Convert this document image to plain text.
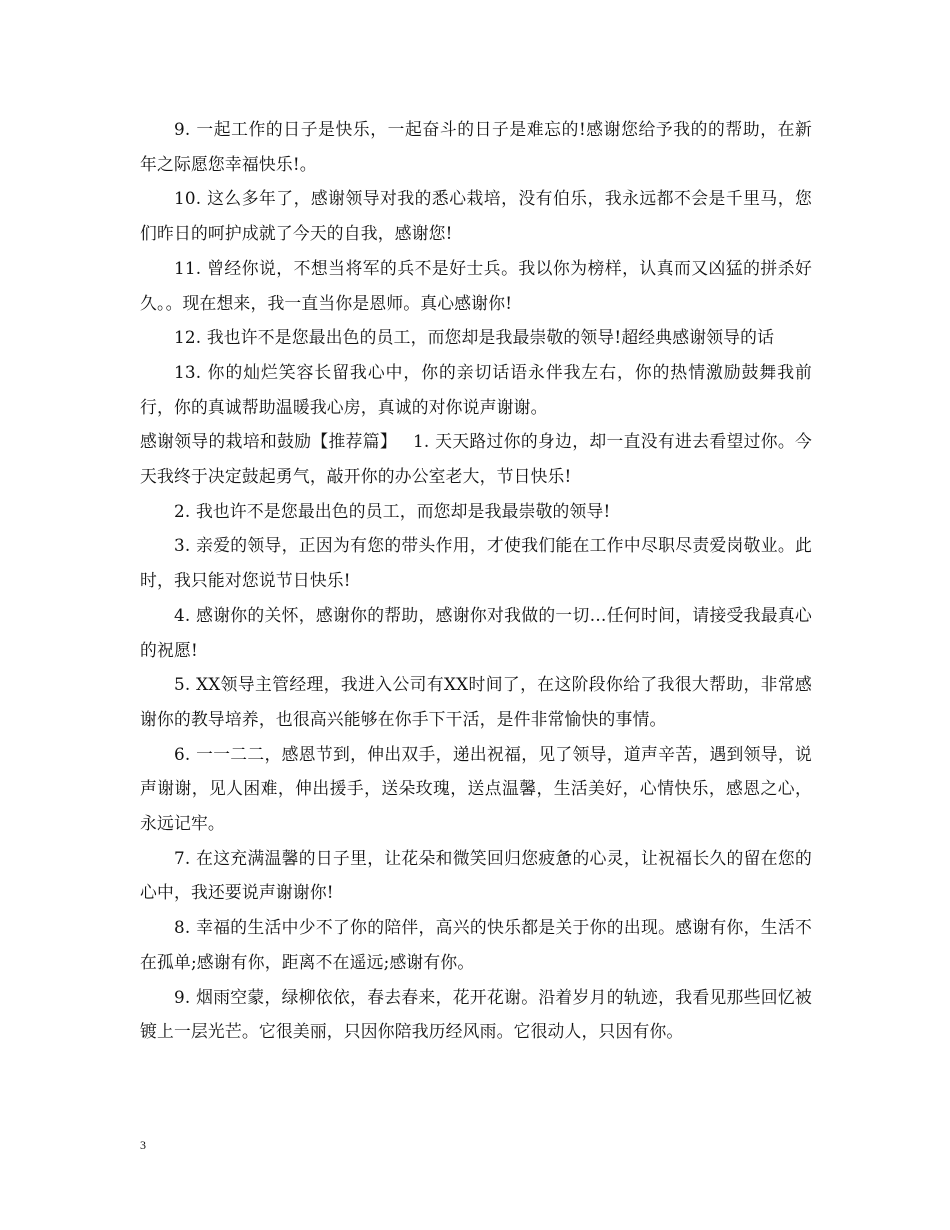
9. 一起工作的日子是快乐，一起奋斗的日子是难忘的!感谢您给予我的的帮助，在新年之际愿您幸福快乐!。

10. 这么多年了，感谢领导对我的悉心栽培，没有伯乐，我永远都不会是千里马，您们昨日的呵护成就了今天的自我，感谢您!

11. 曾经你说，不想当将军的兵不是好士兵。我以你为榜样，认真而又凶猛的拼杀好久。。现在想来，我一直当你是恩师。真心感谢你!

12. 我也许不是您最出色的员工，而您却是我最崇敬的领导!超经典感谢领导的话

13. 你的灿烂笑容长留我心中，你的亲切话语永伴我左右，你的热情激励鼓舞我前行，你的真诚帮助温暖我心房，真诚的对你说声谢谢。

感谢领导的栽培和鼓励【推荐篇】 1. 天天路过你的身边，却一直没有进去看望过你。今天我终于决定鼓起勇气，敲开你的办公室老大，节日快乐!

2. 我也许不是您最出色的员工，而您却是我最崇敬的领导!

3. 亲爱的领导，正因为有您的带头作用，才使我们能在工作中尽职尽责爱岗敬业。此时，我只能对您说节日快乐!

4. 感谢你的关怀，感谢你的帮助，感谢你对我做的一切…任何时间，请接受我最真心的祝愿!

5. XX领导主管经理，我进入公司有XX时间了，在这阶段你给了我很大帮助，非常感谢你的教导培养，也很高兴能够在你手下干活，是件非常愉快的事情。

6. 一一二二，感恩节到，伸出双手，递出祝福，见了领导，道声辛苦，遇到领导，说声谢谢，见人困难，伸出援手，送朵玫瑰，送点温馨，生活美好，心情快乐，感恩之心，永远记牢。

7. 在这充满温馨的日子里，让花朵和微笑回归您疲惫的心灵，让祝福长久的留在您的心中，我还要说声谢谢你!

8. 幸福的生活中少不了你的陪伴，高兴的快乐都是关于你的出现。感谢有你，生活不在孤单;感谢有你，距离不在遥远;感谢有你。

9. 烟雨空蒙，绿柳依依，春去春来，花开花谢。沿着岁月的轨迹，我看见那些回忆被镀上一层光芒。它很美丽，只因你陪我历经风雨。它很动人，只因有你。

3
